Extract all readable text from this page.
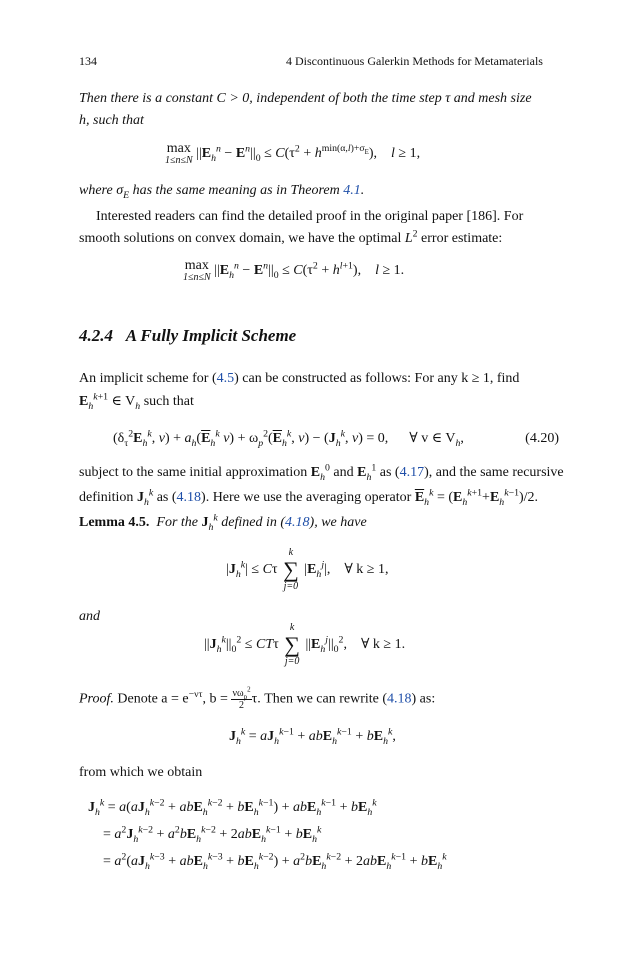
134	4 Discontinuous Galerkin Methods for Metamaterials
Then there is a constant C > 0, independent of both the time step τ and mesh size
h, such that
max
1≤n≤N $||E_h^n - E^n||_0 \le C(\tau^2 + h^{min(\alpha,l)+\sigma_E})$,    l ≥ 1,
where $\sigma_E$ has the same meaning as in Theorem 4.1.
Interested readers can find the detailed proof in the original paper [186]. For
smooth solutions on convex domain, we have the optimal $L^2$ error estimate:
max
1≤n≤N $||E_h^n - E^n||_0 \le C(\tau^2 + h^{l+1})$,    l ≥ 1.
4.2.4 A Fully Implicit Scheme
An implicit scheme for (4.5) can be constructed as follows: For any k ≥ 1, find
$E_h^{k+1}$ ∈ $V_h$ such that
($\delta_\tau^2E_h^k$, $v) + a_h(\overline{E}_h^k$ $v) + \omega_p^2(\overline{E}_h^k$, $v) - (J_h^k$, v) = 0,      ∀ v ∈ $V_h$,	(4.20)
subject to the same initial approximation $E_h^0$ and $E_h^1$ as (4.17), and the same recursive
definition $J_h^k$ as (4.18). Here we use the averaging operator $\overline{E}_h^k = (E_h^{k+1}+E_h^{k-1})/2$.
Lemma 4.5. For the $J_h^k$ defined in (4.18), we have
$|J_h^k| \le C\tau$
k
∑
j=0
$|E_h^j|$,    ∀ k ≥ 1,
and
$||J_h^k||_0^2 \le CT\tau$
k
∑
j=0
$||E_h^j||_0^2$,    ∀ k ≥ 1.
Proof. Denote $a = e^{-\nu\tau}$, $b = \frac{\nu\omega_p^2}{2} \tau$. Then we can rewrite (4.18) as:
$J_h^k = aJ_h^{k-1} + abE_h^{k-1} + bE_h^k$,
from which we obtain
$J_h^k = a(aJ_h^{k-2} + abE_h^{k-2} + bE_h^{k-1}) + abE_h^{k-1} + bE_h^k$
= $a^2J_h^{k-2} + a^2bE_h^{k-2} + 2abE_h^{k-1} + bE_h^k$
= $a^2(aJ_h^{k-3} + abE_h^{k-3} + bE_h^{k-2}) + a^2bE_h^{k-2} + 2abE_h^{k-1} + bE_h^k$
